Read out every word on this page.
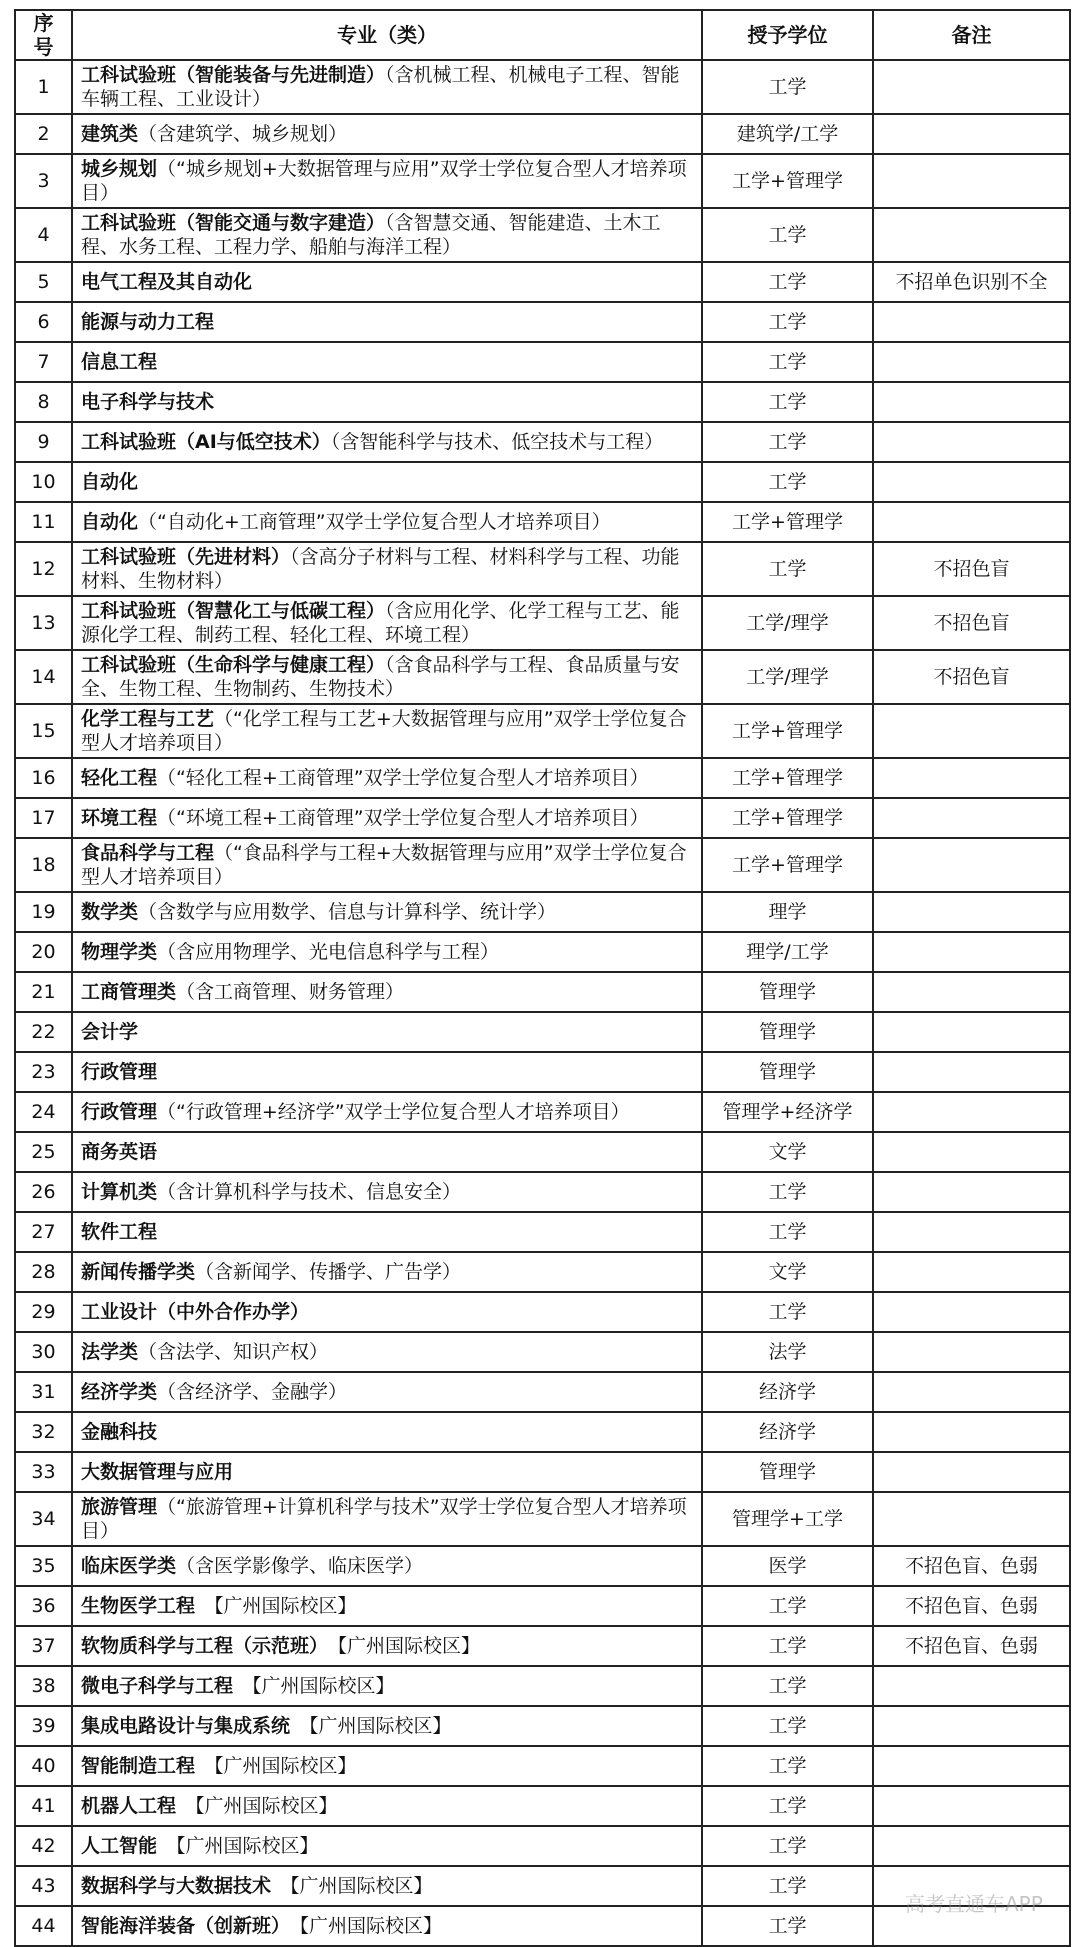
序号	专业（类）	授予学位	备注
1	工科试验班（智能装备与先进制造）（含机械工程、机械电子工程、智能车辆工程、工业设计）	工学	
2	建筑类（含建筑学、城乡规划）	建筑学/工学	
3	城乡规划（“城乡规划+大数据管理与应用”双学士学位复合型人才培养项目）	工学+管理学	
4	工科试验班（智能交通与数字建造）（含智慧交通、智能建造、土木工程、水务工程、工程力学、船舶与海洋工程）	工学	
5	电气工程及其自动化	工学	不招单色识别不全
6	能源与动力工程	工学	
7	信息工程	工学	
8	电子科学与技术	工学	
9	工科试验班（AI与低空技术）（含智能科学与技术、低空技术与工程）	工学	
10	自动化	工学	
11	自动化（“自动化+工商管理”双学士学位复合型人才培养项目）	工学+管理学	
12	工科试验班（先进材料）（含高分子材料与工程、材料科学与工程、功能材料、生物材料）	工学	不招色盲
13	工科试验班（智慧化工与低碳工程）（含应用化学、化学工程与工艺、能源化学工程、制药工程、轻化工程、环境工程）	工学/理学	不招色盲
14	工科试验班（生命科学与健康工程）（含食品科学与工程、食品质量与安全、生物工程、生物制药、生物技术）	工学/理学	不招色盲
15	化学工程与工艺（“化学工程与工艺+大数据管理与应用”双学士学位复合型人才培养项目）	工学+管理学	
16	轻化工程（“轻化工程+工商管理”双学士学位复合型人才培养项目）	工学+管理学	
17	环境工程（“环境工程+工商管理”双学士学位复合型人才培养项目）	工学+管理学	
18	食品科学与工程（“食品科学与工程+大数据管理与应用”双学士学位复合型人才培养项目）	工学+管理学	
19	数学类（含数学与应用数学、信息与计算科学、统计学）	理学	
20	物理学类（含应用物理学、光电信息科学与工程）	理学/工学	
21	工商管理类（含工商管理、财务管理）	管理学	
22	会计学	管理学	
23	行政管理	管理学	
24	行政管理（“行政管理+经济学”双学士学位复合型人才培养项目）	管理学+经济学	
25	商务英语	文学	
26	计算机类（含计算机科学与技术、信息安全）	工学	
27	软件工程	工学	
28	新闻传播学类（含新闻学、传播学、广告学）	文学	
29	工业设计（中外合作办学）	工学	
30	法学类（含法学、知识产权）	法学	
31	经济学类（含经济学、金融学）	经济学	
32	金融科技	经济学	
33	大数据管理与应用	管理学	
34	旅游管理（“旅游管理+计算机科学与技术”双学士学位复合型人才培养项目）	管理学+工学	
35	临床医学类（含医学影像学、临床医学）	医学	不招色盲、色弱
36	生物医学工程　【广州国际校区】	工学	不招色盲、色弱
37	软物质科学与工程（示范班）　【广州国际校区】	工学	不招色盲、色弱
38	微电子科学与工程　【广州国际校区】	工学	
39	集成电路设计与集成系统　【广州国际校区】	工学	
40	智能制造工程　【广州国际校区】	工学	
41	机器人工程　【广州国际校区】	工学	
42	人工智能　【广州国际校区】	工学	
43	数据科学与大数据技术　【广州国际校区】	工学	
44	智能海洋装备（创新班）　【广州国际校区】	工学	
高考直通车APP
